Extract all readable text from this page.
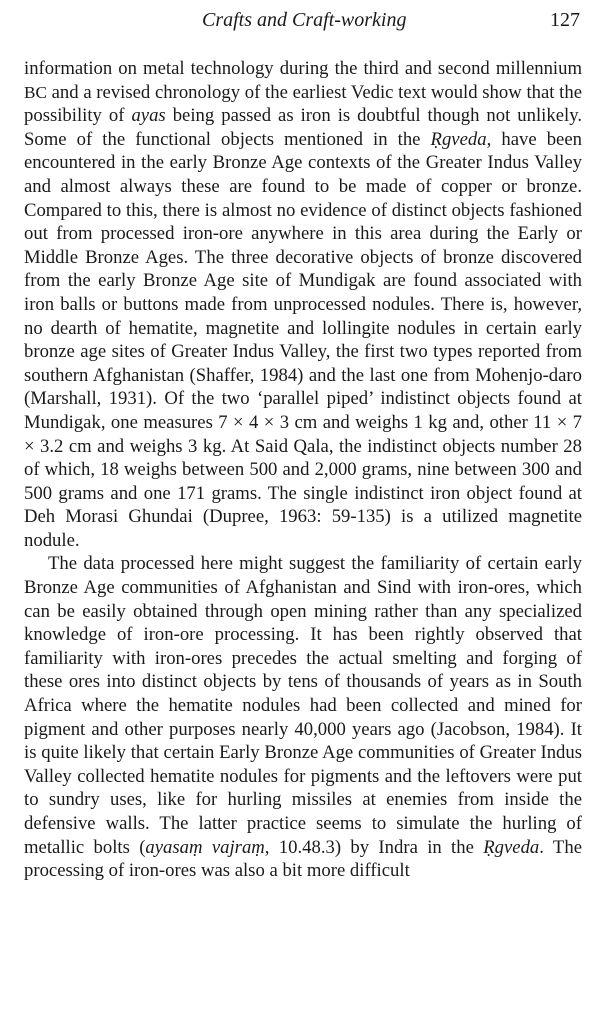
Crafts and Craft-working	127

information on metal technology during the third and second millennium BC and a revised chronology of the earliest Vedic text would show that the possibility of ayas being passed as iron is doubtful though not unlikely. Some of the functional objects mentioned in the Ṛgveda, have been encountered in the early Bronze Age contexts of the Greater Indus Valley and almost always these are found to be made of copper or bronze. Compared to this, there is almost no evidence of distinct objects fashioned out from processed iron-ore anywhere in this area during the Early or Middle Bronze Ages. The three decorative objects of bronze discovered from the early Bronze Age site of Mundigak are found associated with iron balls or buttons made from unprocessed nodules. There is, however, no dearth of hematite, magnetite and lollingite nodules in certain early bronze age sites of Greater Indus Valley, the first two types reported from southern Afghanistan (Shaffer, 1984) and the last one from Mohenjo-daro (Marshall, 1931). Of the two ‘parallel piped’ indistinct objects found at Mundigak, one measures 7 × 4 × 3 cm and weighs 1 kg and, other 11 × 7 × 3.2 cm and weighs 3 kg. At Said Qala, the indistinct objects number 28 of which, 18 weighs between 500 and 2,000 grams, nine between 300 and 500 grams and one 171 grams. The single indistinct iron object found at Deh Morasi Ghundai (Dupree, 1963: 59-135) is a utilized magnetite nodule.

The data processed here might suggest the familiarity of certain early Bronze Age communities of Afghanistan and Sind with iron-ores, which can be easily obtained through open mining rather than any specialized knowledge of iron-ore processing. It has been rightly observed that familiarity with iron-ores precedes the actual smelting and forging of these ores into distinct objects by tens of thousands of years as in South Africa where the hematite nodules had been collected and mined for pigment and other purposes nearly 40,000 years ago (Jacobson, 1984). It is quite likely that certain Early Bronze Age communities of Greater Indus Valley collected hematite nodules for pigments and the leftovers were put to sundry uses, like for hurling missiles at enemies from inside the defensive walls. The latter practice seems to simulate the hurling of metallic bolts (ayasaṃ vajraṃ, 10.48.3) by Indra in the Ṛgveda. The processing of iron-ores was also a bit more difficult
